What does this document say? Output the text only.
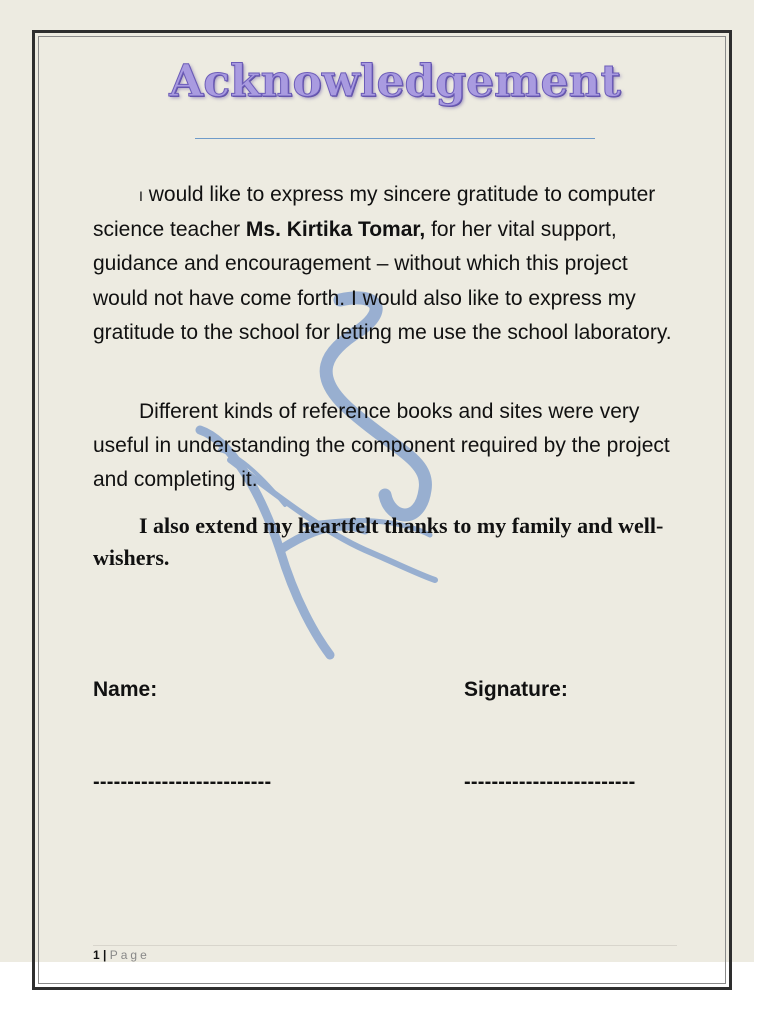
Acknowledgement

I would like to express my sincere gratitude to computer science teacher Ms. Kirtika Tomar, for her vital support, guidance and encouragement – without which this project would not have come forth. I would also like to express my gratitude to the school for letting me use the school laboratory.

Different kinds of reference books and sites were very useful in understanding the component required by the project and completing it.

I also extend my heartfelt thanks to my family and well-wishers.

Name:	Signature:
--------------------------	-------------------------
1 | Page
